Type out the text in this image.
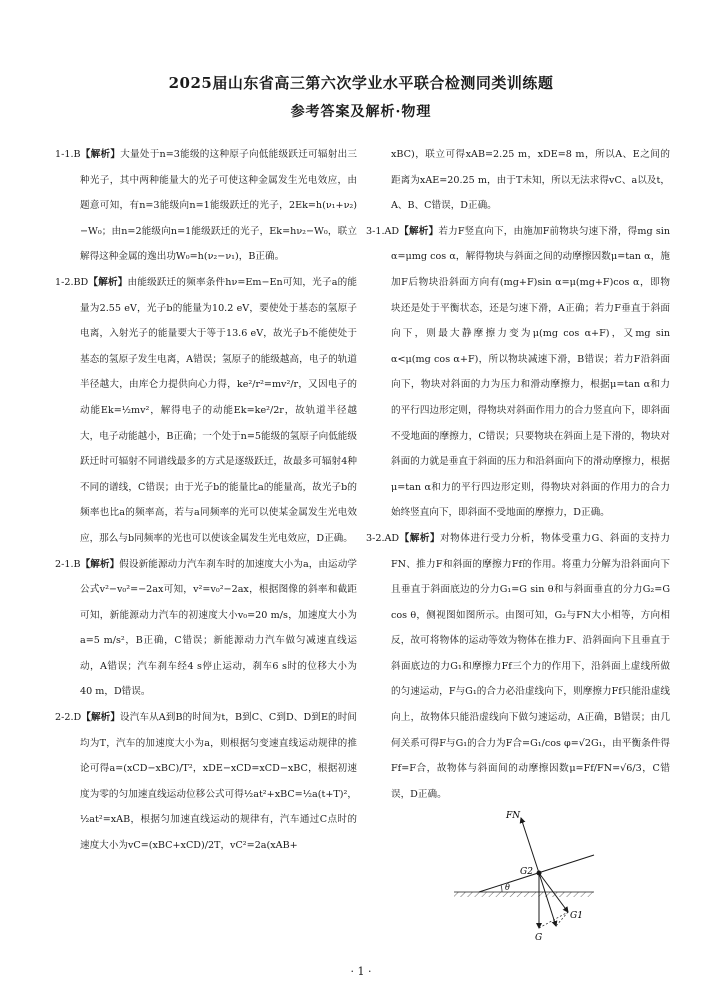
2025届山东省高三第六次学业水平联合检测同类训练题
参考答案及解析·物理

1-1.B【解析】大量处于n=3能级的这种原子向低能级跃迁可辐射出三种光子，其中两种能量大的光子可使这种金属发生光电效应，由题意可知，有n=3能级向n=1能级跃迁的光子，2Ek=h(ν₁+ν₂)−W₀；由n=2能级向n=1能级跃迁的光子，Ek=hν₂−W₀，联立解得这种金属的逸出功W₀=h(ν₂−ν₁)，B正确。

1-2.BD【解析】由能级跃迁的频率条件hν=Em−En可知，光子a的能量为2.55 eV，光子b的能量为10.2 eV，要使处于基态的氢原子电离，入射光子的能量要大于等于13.6 eV，故光子b不能使处于基态的氢原子发生电离，A错误；氢原子的能级越高，电子的轨道半径越大，由库仑力提供向心力得，ke²/r²=mv²/r，又因电子的动能Ek=½mv²，解得电子的动能Ek=ke²/2r，故轨道半径越大，电子动能越小，B正确；一个处于n=5能级的氢原子向低能级跃迁时可辐射不同谱线最多的方式是逐级跃迁，故最多可辐射4种不同的谱线，C错误；由于光子b的能量比a的能量高，故光子b的频率也比a的频率高，若与a同频率的光可以使某金属发生光电效应，那么与b同频率的光也可以使该金属发生光电效应，D正确。

2-1.B【解析】假设新能源动力汽车刹车时的加速度大小为a，由运动学公式v²−v₀²=−2ax可知，v²=v₀²−2ax，根据图像的斜率和截距可知，新能源动力汽车的初速度大小v₀=20 m/s，加速度大小为a=5 m/s²，B正确，C错误；新能源动力汽车做匀减速直线运动，A错误；汽车刹车经4 s停止运动，刹车6 s时的位移大小为40 m，D错误。

2-2.D【解析】设汽车从A到B的时间为t，B到C、C到D、D到E的时间均为T，汽车的加速度大小为a，则根据匀变速直线运动规律的推论可得a=(xCD−xBC)/T²，xDE−xCD=xCD−xBC，根据初速度为零的匀加速直线运动位移公式可得½at²+xBC=½a(t+T)²，½at²=xAB，根据匀加速直线运动的规律有，汽车通过C点时的速度大小为vC=(xBC+xCD)/2T，vC²=2a(xAB+

xBC)，联立可得xAB=2.25 m，xDE=8 m，所以A、E之间的距离为xAE=20.25 m，由于T未知，所以无法求得vC、a以及t，A、B、C错误，D正确。

3-1.AD【解析】若力F竖直向下，由施加F前物块匀速下滑，得mg sin α=μmg cos α，解得物块与斜面之间的动摩擦因数μ=tan α，施加F后物块沿斜面方向有(mg+F)sin α=μ(mg+F)cos α，即物块还是处于平衡状态，还是匀速下滑，A正确；若力F垂直于斜面向下，则最大静摩擦力变为μ(mg cos α+F)，又mg sin α<μ(mg cos α+F)，所以物块减速下滑，B错误；若力F沿斜面向下，物块对斜面的力为压力和滑动摩擦力，根据μ=tan α和力的平行四边形定则，得物块对斜面作用力的合力竖直向下，即斜面不受地面的摩擦力，C错误；只要物块在斜面上是下滑的，物块对斜面的力就是垂直于斜面的压力和沿斜面向下的滑动摩擦力，根据μ=tan α和力的平行四边形定则，得物块对斜面的作用力的合力始终竖直向下，即斜面不受地面的摩擦力，D正确。

3-2.AD【解析】对物体进行受力分析，物体受重力G、斜面的支持力FN、推力F和斜面的摩擦力Ff的作用。将重力分解为沿斜面向下且垂直于斜面底边的分力G₁=G sin θ和与斜面垂直的分力G₂=G cos θ，侧视图如图所示。由图可知，G₂与FN大小相等，方向相反，故可将物体的运动等效为物体在推力F、沿斜面向下且垂直于斜面底边的力G₁和摩擦力Ff三个力的作用下，沿斜面上虚线所做的匀速运动，F与G₁的合力必沿虚线向下，则摩擦力Ff只能沿虚线向上，故物体只能沿虚线向下做匀速运动，A正确，B错误；由几何关系可得F与G₁的合力为F合=G₁/cos φ=√2G₁，由平衡条件得Ff=F合，故物体与斜面间的动摩擦因数μ=Ff/FN=√6/3，C错误，D正确。

FN
G2
G1
G
θ
· 1 ·
